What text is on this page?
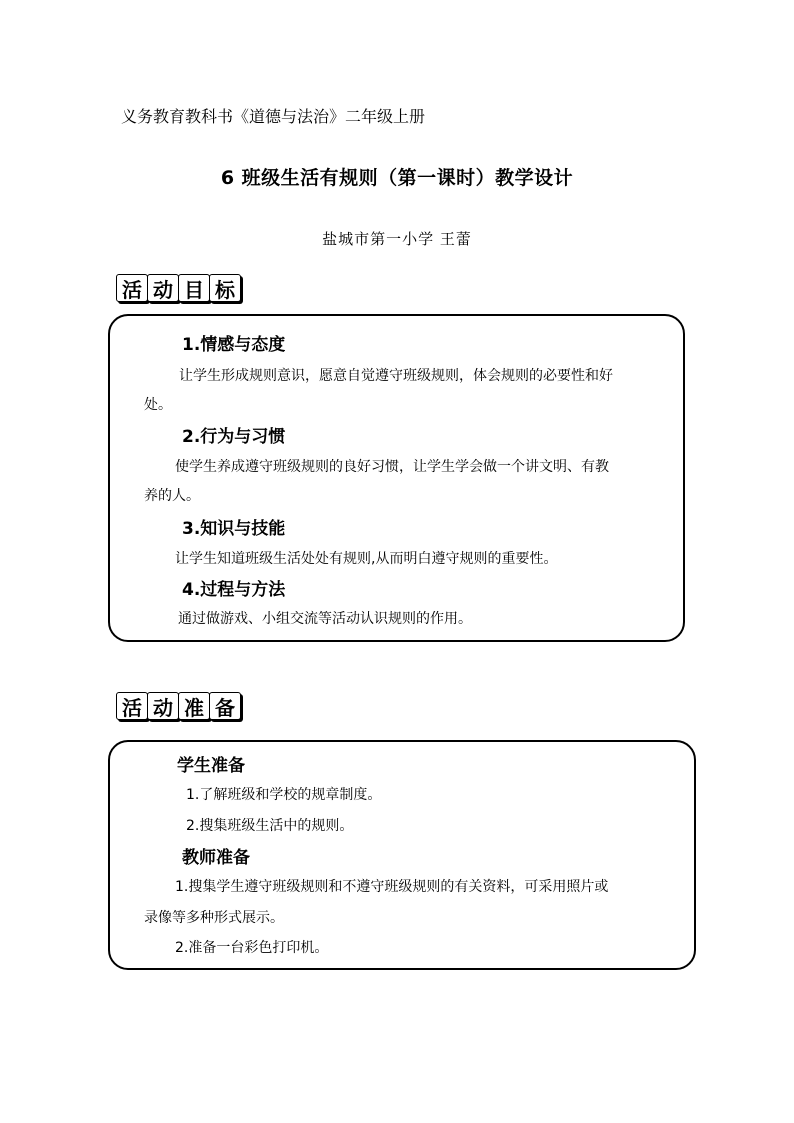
义务教育教科书《道德与法治》二年级上册
6 班级生活有规则（第一课时）教学设计
盐城市第一小学 王蕾
活 动 目 标
1.情感与态度
让学生形成规则意识，愿意自觉遵守班级规则，体会规则的必要性和好
处。
2.行为与习惯
使学生养成遵守班级规则的良好习惯，让学生学会做一个讲文明、有教
养的人。
3.知识与技能
让学生知道班级生活处处有规则,从而明白遵守规则的重要性。
4.过程与方法
通过做游戏、小组交流等活动认识规则的作用。
活 动 准 备
学生准备
1.了解班级和学校的规章制度。
2.搜集班级生活中的规则。
教师准备
1.搜集学生遵守班级规则和不遵守班级规则的有关资料，可采用照片或
录像等多种形式展示。
2.准备一台彩色打印机。
